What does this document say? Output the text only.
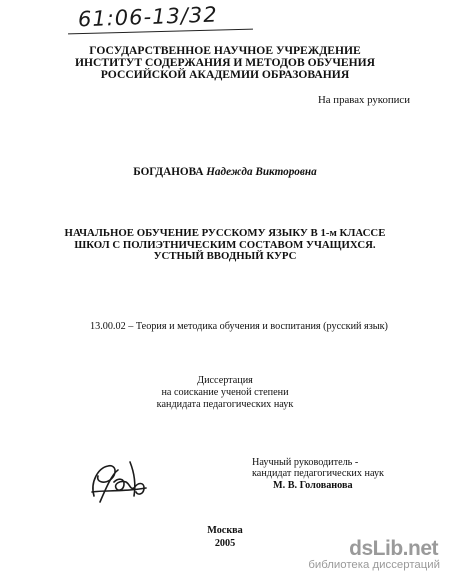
61:06-13/32
ГОСУДАРСТВЕННОЕ НАУЧНОЕ УЧРЕЖДЕНИЕ
ИНСТИТУТ СОДЕРЖАНИЯ И МЕТОДОВ ОБУЧЕНИЯ
РОССИЙСКОЙ АКАДЕМИИ ОБРАЗОВАНИЯ
На правах рукописи
БОГДАНОВА Надежда Викторовна
НАЧАЛЬНОЕ ОБУЧЕНИЕ РУССКОМУ ЯЗЫКУ В 1-м КЛАССЕ
ШКОЛ С ПОЛИЭТНИЧЕСКИМ СОСТАВОМ УЧАЩИХСЯ.
УСТНЫЙ ВВОДНЫЙ КУРС
13.00.02 – Теория и методика обучения и воспитания (русский язык)
Диссертация
на соискание ученой степени
кандидата педагогических наук
Научный руководитель -
кандидат педагогических наук
М. В. Голованова
Москва
2005	dsLib.net
библиотека диссертаций
